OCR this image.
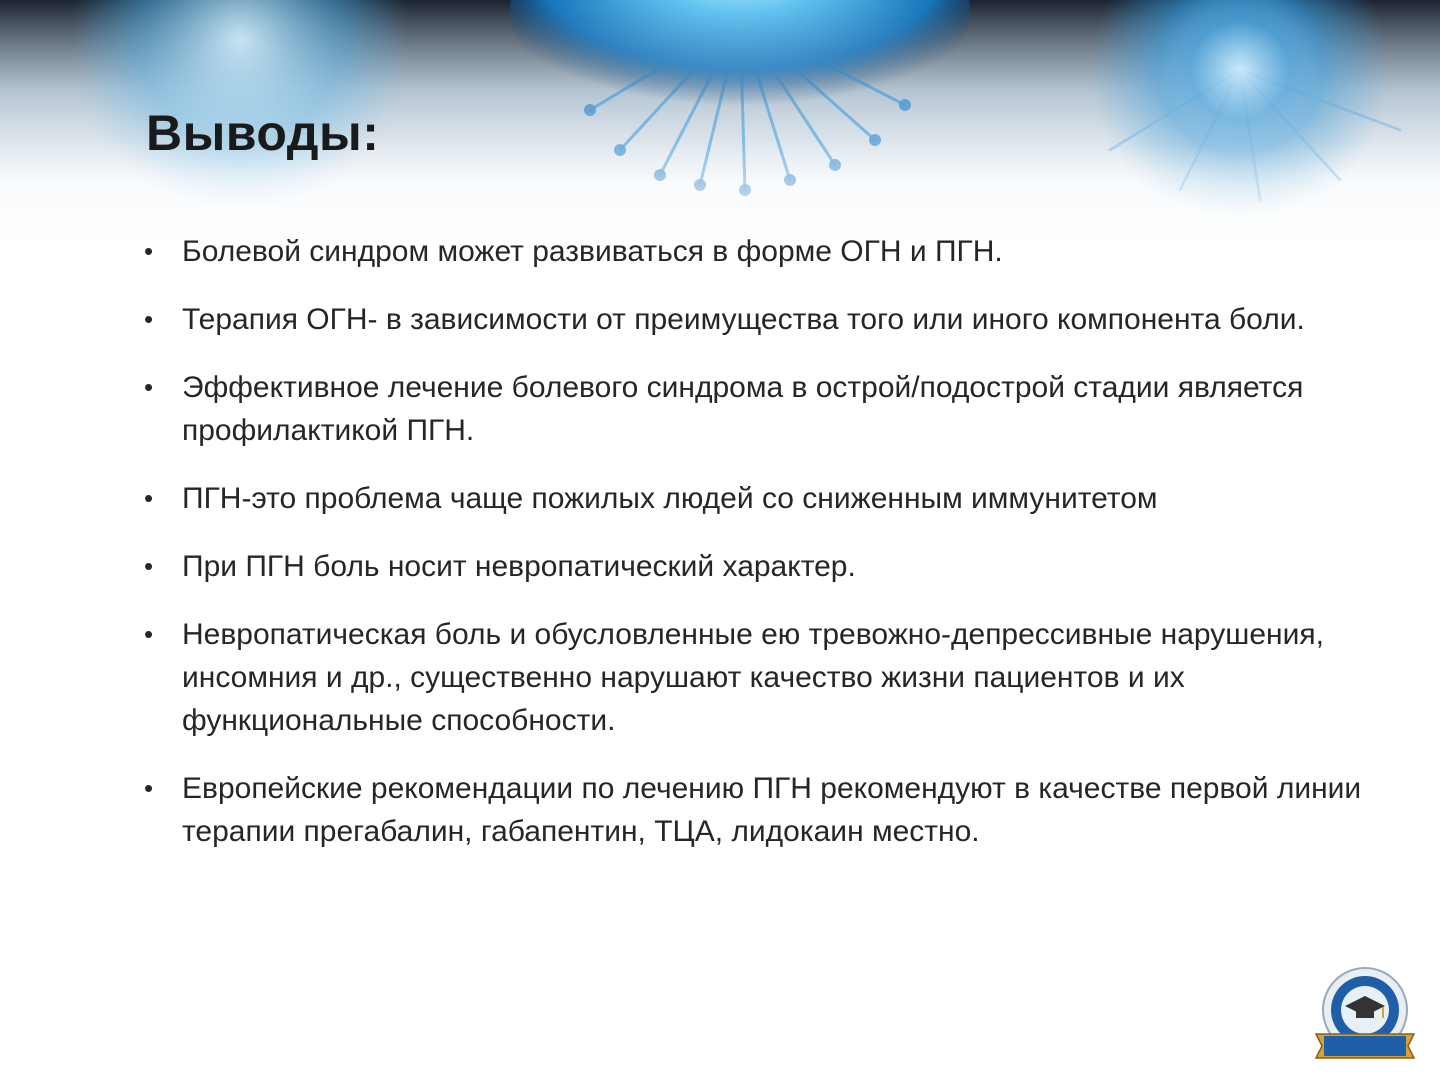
Выводы:
• Болевой синдром может развиваться в форме ОГН и ПГН.
• Терапия ОГН- в зависимости от преимущества того или иного компонента боли.
• Эффективное лечение болевого синдрома в острой/подострой стадии является профилактикой ПГН.
• ПГН-это проблема чаще пожилых людей со сниженным иммунитетом
• При ПГН боль носит невропатический характер.
• Невропатическая боль и обусловленные ею тревожно-депрессивные нарушения, инсомния и др., существенно нарушают качество жизни пациентов и их функциональные способности.
• Европейские рекомендации по лечению ПГН рекомендуют в качестве первой линии терапии прегабалин, габапентин, ТЦА, лидокаин местно.
